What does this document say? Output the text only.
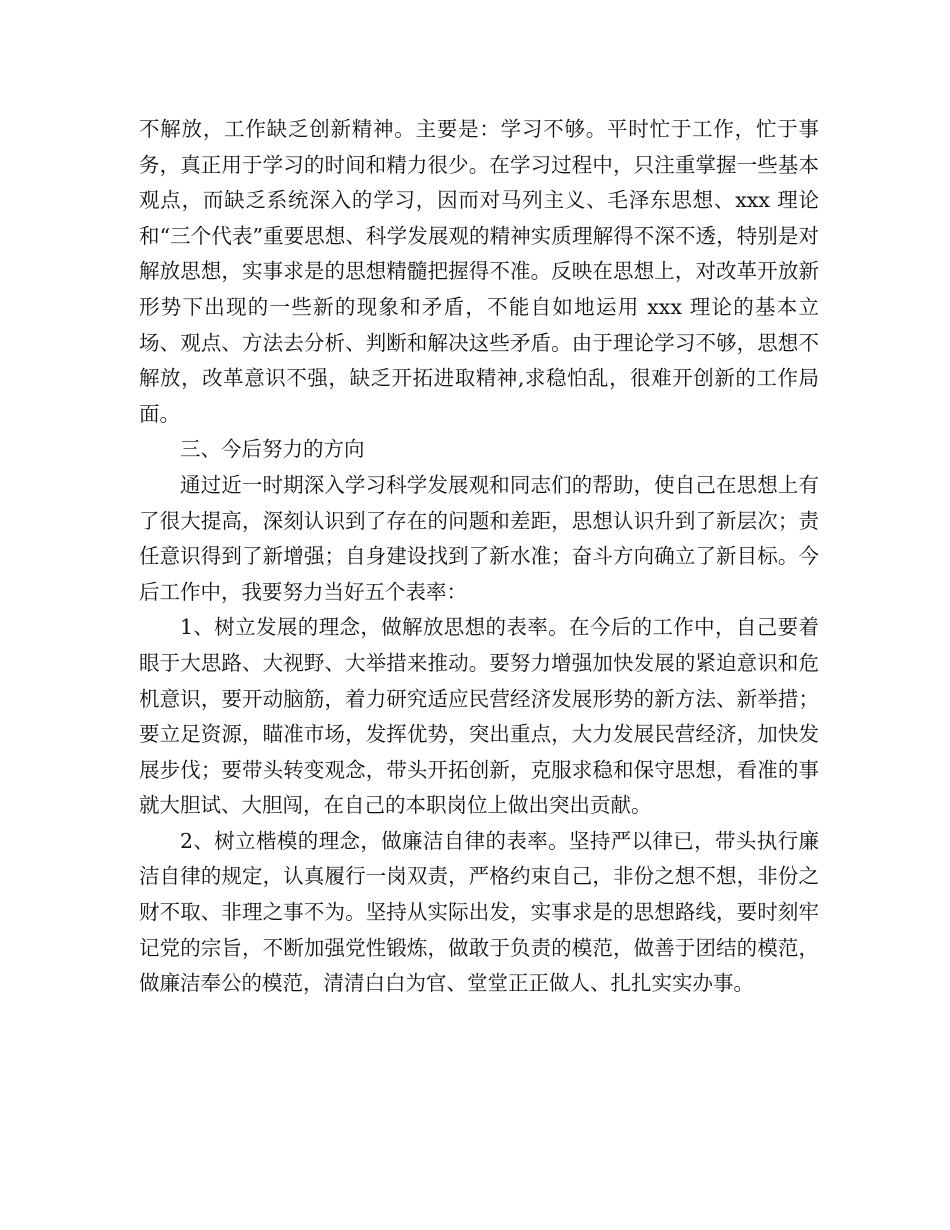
不解放，工作缺乏创新精神。主要是：学习不够。平时忙于工作，忙于事务，真正用于学习的时间和精力很少。在学习过程中，只注重掌握一些基本观点，而缺乏系统深入的学习，因而对马列主义、毛泽东思想、xxx 理论和“三个代表”重要思想、科学发展观的精神实质理解得不深不透，特别是对解放思想，实事求是的思想精髓把握得不准。反映在思想上，对改革开放新形势下出现的一些新的现象和矛盾，不能自如地运用 xxx 理论的基本立场、观点、方法去分析、判断和解决这些矛盾。由于理论学习不够，思想不解放，改革意识不强，缺乏开拓进取精神,求稳怕乱，很难开创新的工作局面。

三、今后努力的方向

通过近一时期深入学习科学发展观和同志们的帮助，使自己在思想上有了很大提高，深刻认识到了存在的问题和差距，思想认识升到了新层次；责任意识得到了新增强；自身建设找到了新水准；奋斗方向确立了新目标。今后工作中，我要努力当好五个表率：

1、树立发展的理念，做解放思想的表率。在今后的工作中，自己要着眼于大思路、大视野、大举措来推动。要努力增强加快发展的紧迫意识和危机意识，要开动脑筋，着力研究适应民营经济发展形势的新方法、新举措；要立足资源，瞄准市场，发挥优势，突出重点，大力发展民营经济，加快发展步伐；要带头转变观念，带头开拓创新，克服求稳和保守思想，看准的事就大胆试、大胆闯，在自己的本职岗位上做出突出贡献。

2、树立楷模的理念，做廉洁自律的表率。坚持严以律已，带头执行廉洁自律的规定，认真履行一岗双责，严格约束自己，非份之想不想，非份之财不取、非理之事不为。坚持从实际出发，实事求是的思想路线，要时刻牢记党的宗旨，不断加强党性锻炼，做敢于负责的模范，做善于团结的模范，做廉洁奉公的模范，清清白白为官、堂堂正正做人、扎扎实实办事。
